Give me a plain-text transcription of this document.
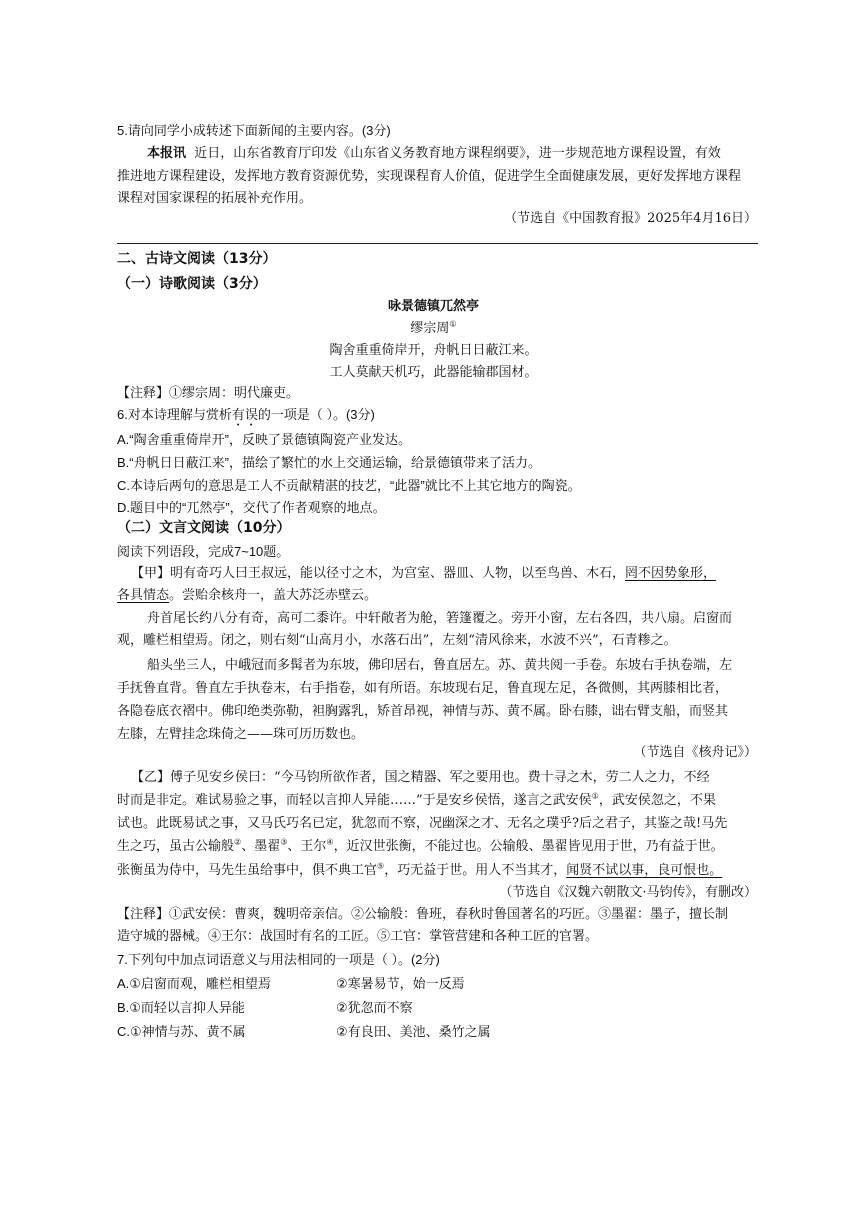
5.请向同学小成转述下面新闻的主要内容。(3分)
本报讯 近日，山东省教育厅印发《山东省义务教育地方课程纲要》，进一步规范地方课程设置，有效
推进地方课程建设，发挥地方教育资源优势，实现课程育人价值，促进学生全面健康发展，更好发挥地方课程
课程对国家课程的拓展补充作用。
（节选自《中国教育报》2025年4月16日）
二、古诗文阅读（13分）
（一）诗歌阅读（3分）
咏景德镇兀然亭
缪宗周①
陶舍重重倚岸开，舟帆日日蔽江来。
工人莫献天机巧，此器能输郡国材。
【注释】①缪宗周：明代廉吏。
6.对本诗理解与赏析有误的一项是（ ）。(3分)
A.“陶舍重重倚岸开”，反映了景德镇陶瓷产业发达。
B.“舟帆日日蔽江来”，描绘了繁忙的水上交通运输，给景德镇带来了活力。
C.本诗后两句的意思是工人不贡献精湛的技艺，“此器”就比不上其它地方的陶瓷。
D.题目中的“兀然亭”，交代了作者观察的地点。
（二）文言文阅读（10分）
阅读下列语段，完成7~10题。
【甲】明有奇巧人曰王叔远，能以径寸之木，为宫室、器皿、人物，以至鸟兽、木石，罔不因势象形，
各具情态。尝贻余核舟一，盖大苏泛赤壁云。
舟首尾长约八分有奇，高可二黍许。中轩敞者为舱，箬篷覆之。旁开小窗，左右各四，共八扇。启窗而
观，雕栏相望焉。闭之，则右刻“山高月小，水落石出”，左刻“清风徐来，水波不兴”，石青糁之。
船头坐三人，中峨冠而多髯者为东坡，佛印居右，鲁直居左。苏、黄共阅一手卷。东坡右手执卷端，左
手抚鲁直背。鲁直左手执卷末，右手指卷，如有所语。东坡现右足，鲁直现左足，各微侧，其两膝相比者，
各隐卷底衣褶中。佛印绝类弥勒，袒胸露乳，矫首昂视，神情与苏、黄不属。卧右膝，诎右臂支船，而竖其
左膝，左臂挂念珠倚之——珠可历历数也。
（节选自《核舟记》）
【乙】傅子见安乡侯曰：“今马钧所欲作者，国之精器、军之要用也。费十寻之木，劳二人之力，不经
时而是非定。难试易验之事，而轻以言抑人异能……”于是安乡侯悟，遂言之武安侯①，武安侯忽之，不果
试也。此既易试之事，又马氏巧名已定，犹忽而不察，况幽深之才、无名之璞乎?后之君子，其鉴之哉!马先
生之巧，虽古公输般②、墨翟③、王尔④，近汉世张衡，不能过也。公输般、墨翟皆见用于世，乃有益于世。
张衡虽为侍中，马先生虽给事中，俱不典工官⑤，巧无益于世。用人不当其才，闻贤不试以事，良可恨也。
（节选自《汉魏六朝散文·马钧传》，有删改）
【注释】①武安侯：曹爽，魏明帝亲信。②公输般：鲁班，春秋时鲁国著名的巧匠。③墨翟：墨子，擅长制
造守城的器械。④王尔：战国时有名的工匠。⑤工官：掌管营建和各种工匠的官署。
7.下列句中加点词语意义与用法相同的一项是（ ）。(2分)
A.①启窗而观，雕栏相望焉	②寒暑易节，始一反焉
B.①而轻以言抑人异能	②犹忽而不察
C.①神情与苏、黄不属	②有良田、美池、桑竹之属
